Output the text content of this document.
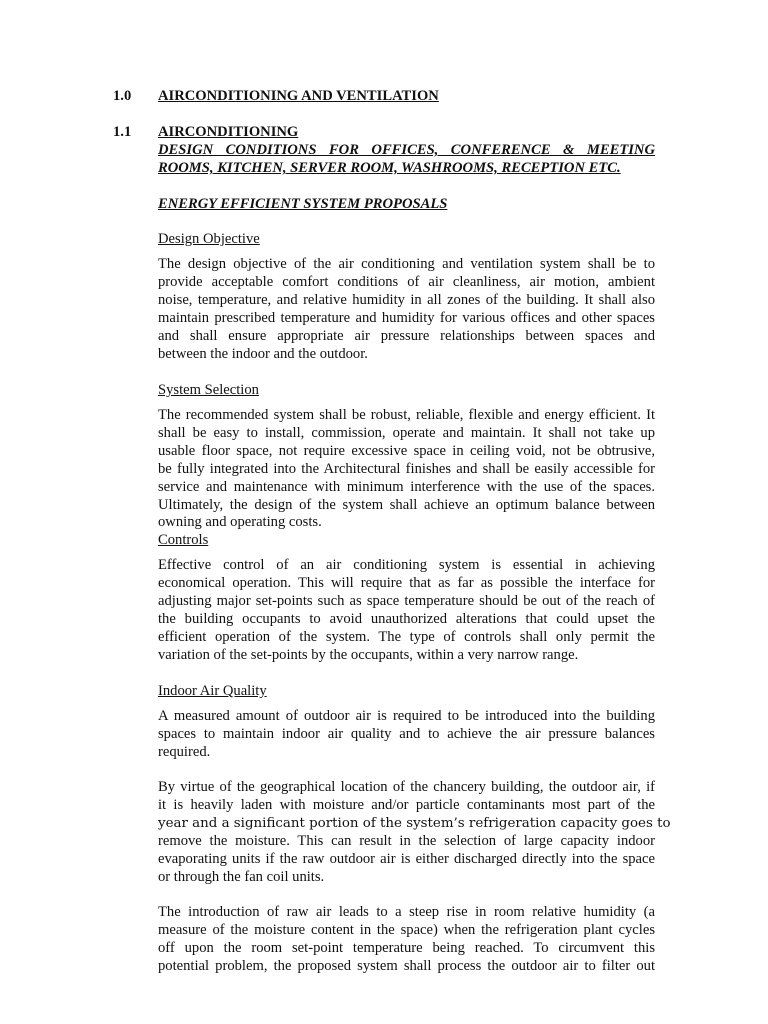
1.0 AIRCONDITIONING AND VENTILATION
1.1 AIRCONDITIONING
DESIGN CONDITIONS FOR OFFICES, CONFERENCE & MEETING
ROOMS, KITCHEN, SERVER ROOM, WASHROOMS, RECEPTION ETC.
ENERGY EFFICIENT SYSTEM PROPOSALS
Design Objective
The design objective of the air conditioning and ventilation system shall be to
provide acceptable comfort conditions of air cleanliness, air motion, ambient
noise, temperature, and relative humidity in all zones of the building. It shall also
maintain prescribed temperature and humidity for various offices and other spaces
and shall ensure appropriate air pressure relationships between spaces and
between the indoor and the outdoor.
System Selection
The recommended system shall be robust, reliable, flexible and energy efficient. It
shall be easy to install, commission, operate and maintain. It shall not take up
usable floor space, not require excessive space in ceiling void, not be obtrusive,
be fully integrated into the Architectural finishes and shall be easily accessible for
service and maintenance with minimum interference with the use of the spaces.
Ultimately, the design of the system shall achieve an optimum balance between
owning and operating costs.
Controls
Effective control of an air conditioning system is essential in achieving
economical operation. This will require that as far as possible the interface for
adjusting major set-points such as space temperature should be out of the reach of
the building occupants to avoid unauthorized alterations that could upset the
efficient operation of the system. The type of controls shall only permit the
variation of the set-points by the occupants, within a very narrow range.
Indoor Air Quality
A measured amount of outdoor air is required to be introduced into the building
spaces to maintain indoor air quality and to achieve the air pressure balances
required.
By virtue of the geographical location of the chancery building, the outdoor air, if
it is heavily laden with moisture and/or particle contaminants most part of the
year and a significant portion of the system’s refrigeration capacity goes to
remove the moisture. This can result in the selection of large capacity indoor
evaporating units if the raw outdoor air is either discharged directly into the space
or through the fan coil units.
The introduction of raw air leads to a steep rise in room relative humidity (a
measure of the moisture content in the space) when the refrigeration plant cycles
off upon the room set-point temperature being reached. To circumvent this
potential problem, the proposed system shall process the outdoor air to filter out
